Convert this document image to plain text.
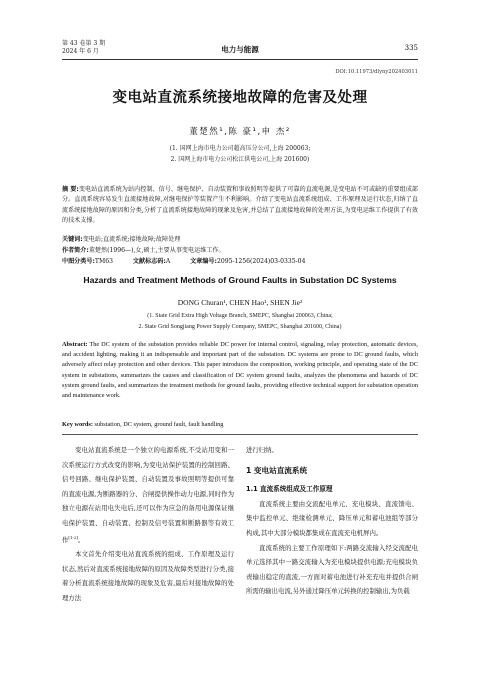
第 43 卷第 3 期
2024 年 6 月	电力与能源	335
DOI:10.11973/dlyny202403011
变电站直流系统接地故障的危害及处理
董楚然¹,陈 豪¹,申 杰²
(1. 国网上海市电力公司超高压分公司,上海 200063;
2. 国网上海市电力公司松江供电公司,上海 201600)
摘 要:变电站直流系统为站内控制、信号、继电保护、自动装置和事故照明等提供了可靠的直流电源,是变电站不可或缺的重要组成部分。直流系统容易发生直流接地故障,对继电保护等装置产生不利影响。介绍了变电站直流系统组成、工作原理及运行状态,归纳了直流系统接地故障的原因和分类,分析了直流系统接地故障的现象及危害,并总结了直流接地故障的处理方法,为变电运维工作提供了有效的技术支撑。
关键词:变电站;直流系统;接地故障;故障处理
作者简介:董楚然(1996—),女,硕士,主要从事变电运维工作。
中图分类号:TM63	文献标志码:A	文章编号:2095-1256(2024)03-0335-04
Hazards and Treatment Methods of Ground Faults in Substation DC Systems
DONG Churan¹, CHEN Hao¹, SHEN Jie²
(1. State Grid Extra High Voltage Branch, SMEPC, Shanghai 200063, China;
2. State Grid Songjiang Power Supply Company, SMEPC, Shanghai 201600, China)
Abstract: The DC system of the substation provides reliable DC power for internal control, signaling, relay protection, automatic devices, and accident lighting, making it an indispensable and important part of the substation. DC systems are prone to DC ground faults, which adversely affect relay protection and other devices. This paper introduces the composition, working principle, and operating state of the DC system in substations, summarizes the causes and classification of DC system ground faults, analyzes the phenomena and hazards of DC system ground faults, and summarizes the treatment methods for ground faults, providing effective technical support for substation operation and maintenance work.
Key words: substation, DC system, ground fault, fault handling

变电站直流系统是一个独立的电源系统,不受站用变和一次系统运行方式改变的影响,为变电站保护装置的控制回路、信号回路、继电保护装置、自动装置及事故照明等提供可靠的直流电源,为断路器的分、合闸提供操作动力电源,同时作为独立电源在站用电失电后,还可以作为应急的备用电源保证继电保护装置、自动装置、控制及信号装置和断路器等有效工作[1-2]。

本文首先介绍变电站直流系统的组成、工作原理及运行状态,然后对直流系统接地故障的原因及故障类型进行分类,接着分析直流系统接地故障的现象及危害,最后对接地故障的处理方法

进行归纳。

1 变电站直流系统
1.1 直流系统组成及工作原理

直流系统主要由交流配电单元、充电模块、直流馈电、集中监控单元、绝缘检测单元、降压单元和蓄电池组等部分构成,其中大部分模块都集成在直流充电机屏内。

直流系统的主要工作原理如下:两路交流输入经交流配电单元选择其中一路交流输入为充电模块提供电源;充电模块负责输出稳定的直流,一方面对蓄电池进行补充充电并提供合闸所需的输出电流,另外通过降压单元转换的控制输出,为负载
